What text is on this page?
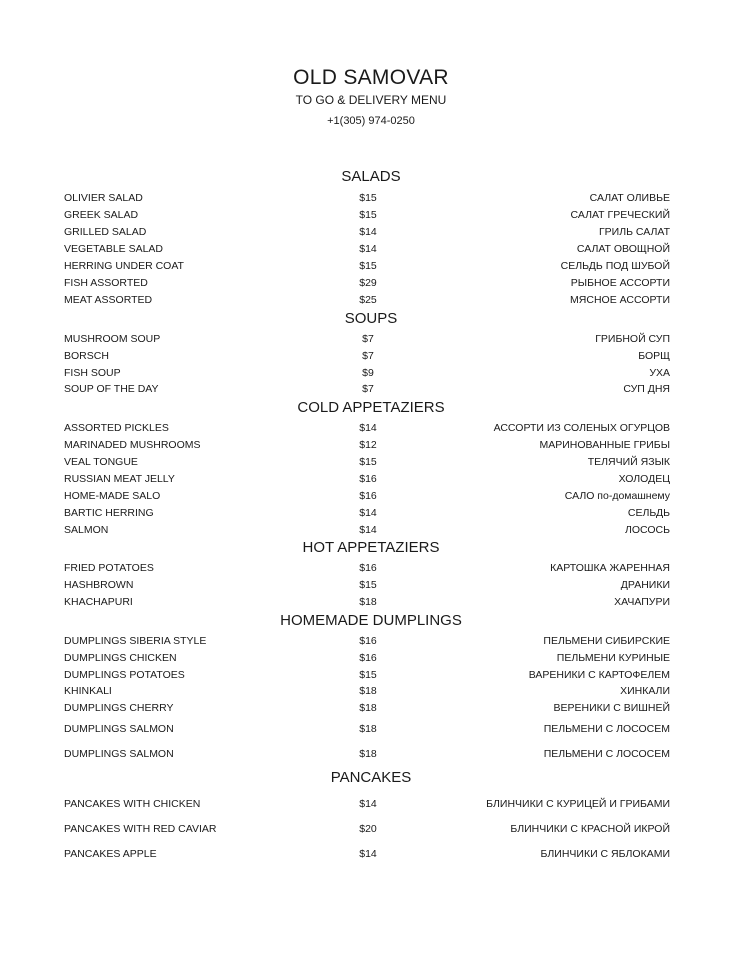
OLD SAMOVAR
TO GO & DELIVERY MENU
+1(305) 974-0250
SALADS
OLIVIER SALAD	$15	САЛАТ ОЛИВЬЕ
GREEK SALAD	$15	САЛАТ ГРЕЧЕСКИЙ
GRILLED SALAD	$14	ГРИЛЬ САЛАТ
VEGETABLE SALAD	$14	САЛАТ ОВОЩНОЙ
HERRING UNDER COAT	$15	СЕЛЬДЬ ПОД ШУБОЙ
FISH ASSORTED	$29	РЫБНОЕ АССОРТИ
MEAT ASSORTED	$25	МЯСНОЕ АССОРТИ
SOUPS
MUSHROOM SOUP	$7	ГРИБНОЙ СУП
BORSCH	$7	БОРЩ
FISH SOUP	$9	УХА
SOUP OF THE DAY	$7	СУП ДНЯ
COLD APPETAZIERS
ASSORTED PICKLES	$14	АССОРТИ ИЗ СОЛЕНЫХ ОГУРЦОВ
MARINADED MUSHROOMS	$12	МАРИНОВАННЫЕ ГРИБЫ
VEAL TONGUE	$15	ТЕЛЯЧИЙ ЯЗЫК
RUSSIAN MEAT JELLY	$16	ХОЛОДЕЦ
HOME-MADE SALO	$16	САЛО по-домашнему
BARTIC HERRING	$14	СЕЛЬДЬ
SALMON	$14	ЛОСОСЬ
HOT APPETAZIERS
FRIED POTATOES	$16	КАРТОШКА ЖАРЕННАЯ
HASHBROWN	$15	ДРАНИКИ
KHACHAPURI	$18	ХАЧАПУРИ
HOMEMADE DUMPLINGS
DUMPLINGS SIBERIA STYLE	$16	ПЕЛЬМЕНИ СИБИРСКИЕ
DUMPLINGS CHICKEN	$16	ПЕЛЬМЕНИ КУРИНЫЕ
DUMPLINGS POTATOES	$15	ВАРЕНИКИ С КАРТОФЕЛЕМ
KHINKALI	$18	ХИНКАЛИ
DUMPLINGS CHERRY	$18	ВЕРЕНИКИ С ВИШНЕЙ
DUMPLINGS SALMON	$18	ПЕЛЬМЕНИ С ЛОСОСЕМ
DUMPLINGS SALMON	$18	ПЕЛЬМЕНИ С ЛОСОСЕМ
PANCAKES
PANCAKES WITH CHICKEN	$14	БЛИНЧИКИ С КУРИЦЕЙ И ГРИБАМИ
PANCAKES WITH RED CAVIAR	$20	БЛИНЧИКИ С КРАСНОЙ ИКРОЙ
PANCAKES APPLE	$14	БЛИНЧИКИ С ЯБЛОКАМИ
